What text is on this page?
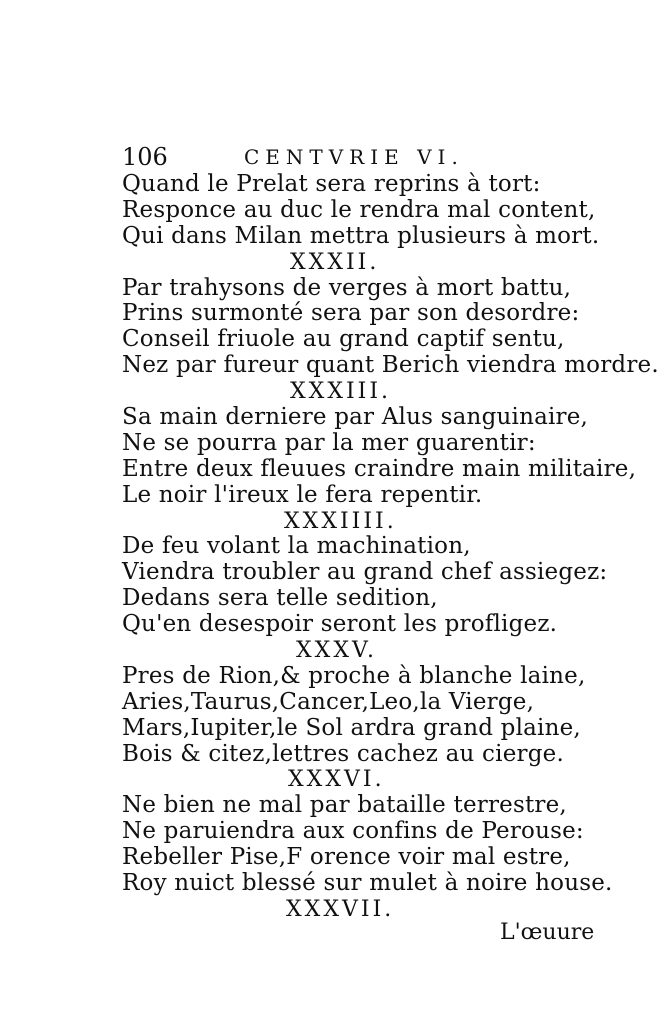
106	CENTVRIE VI.
Quand le Prelat sera reprins à tort:
Responce au duc le rendra mal content,
Qui dans Milan mettra plusieurs à mort.
XXXII.
Par trahysons de verges à mort battu,
Prins surmonté sera par son desordre:
Conseil friuole au grand captif sentu,
Nez par fureur quant Berich viendra mordre.
XXXIII.
Sa main derniere par Alus sanguinaire,
Ne se pourra par la mer guarentir:
Entre deux fleuues craindre main militaire,
Le noir l'ireux le fera repentir.
XXXIIII.
De feu volant la machination,
Viendra troubler au grand chef assiegez:
Dedans sera telle sedition,
Qu'en desespoir seront les profligez.
XXXV.
Pres de Rion,& proche à blanche laine,
Aries,Taurus,Cancer,Leo,la Vierge,
Mars,Iupiter,le Sol ardra grand plaine,
Bois & citez,lettres cachez au cierge.
XXXVI.
Ne bien ne mal par bataille terrestre,
Ne paruiendra aux confins de Perouse:
Rebeller Pise,F orence voir mal estre,
Roy nuict blessé sur mulet à noire house.
XXXVII.
L'œuure
